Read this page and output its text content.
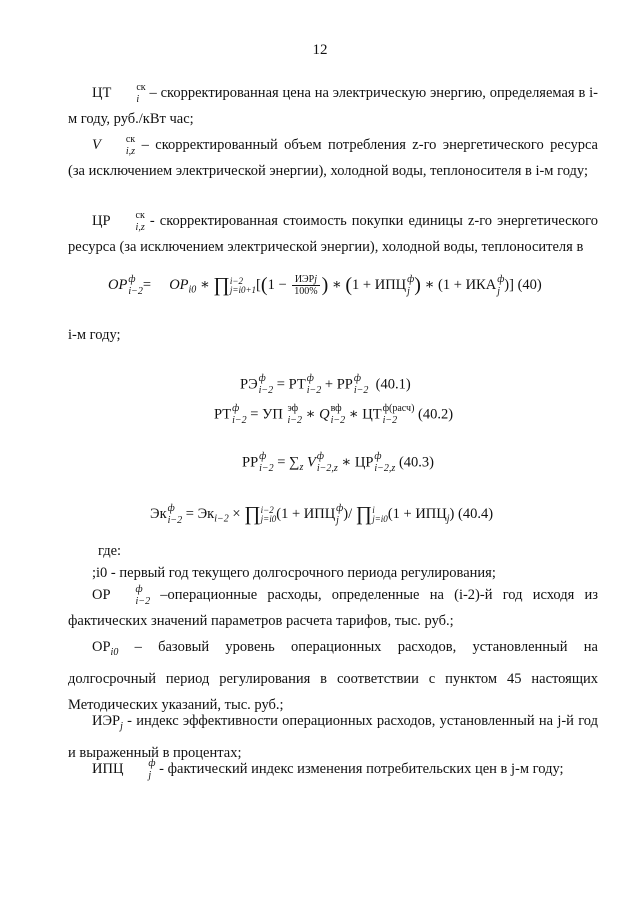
12

ЦТ	ск
i – скорректированная цена на электрическую энергию, определяемая в i-м году, руб./кВт час;

V	ск
i,z – скорректированный объем потребления z-го энергетического ресурса (за исключением электрической энергии), холодной воды, теплоносителя в i-м году;

ЦР	ск
i,z - скорректированная стоимость покупки единицы z-го энергетического ресурса (за исключением электрической энергии), холодной воды, теплоносителя в

ОР ф
i−2 =     $ОР_{i0}$ ∗ ∏ i−2
j=i0+1 [($1 - \frac{\text{ИЭРj}}{100\%}$ ) ∗ (1 + ИПЦ ф
j ) ∗ (1 + ИКА ф
j )] (40)

i-м году;

РЭ ф
i−2 = РТ ф
i−2 + РР ф
i−2 (40.1)
РТ ф
i−2 = УП эф
i−2 ∗ Q вф
i−2 ∗ ЦТ ф(расч)
i−2	(40.2)
РР ф
$i-2 = \sum_z$ V ф
i−2,z ∗ ЦР ф
i−2,z (40.3)
Эк ф
$i-2 = Эк_{i-2}$ × ∏ i−2
j=i0 (1 + ИПЦ ф
j )/ ∏ i
j=i0 $(1 + ИПЦ_j)$ (40.4)

где:

;i0 - первый год текущего долгосрочного периода регулирования;

ОР	ф
i−2 –операционные расходы, определенные на (i-2)-й год исходя из фактических значений параметров расчета тарифов, тыс. руб.;

$ОР_{i0}$ – базовый уровень операционных расходов, установленный на долгосрочный период регулирования в соответствии с пунктом 45 настоящих Методических указаний, тыс. руб.;

$ИЭР_j$ - индекс эффективности операционных расходов, установленный на j-й год и выраженный в процентах;

ИПЦ	ф
j - фактический индекс изменения потребительских цен в j-м году;
